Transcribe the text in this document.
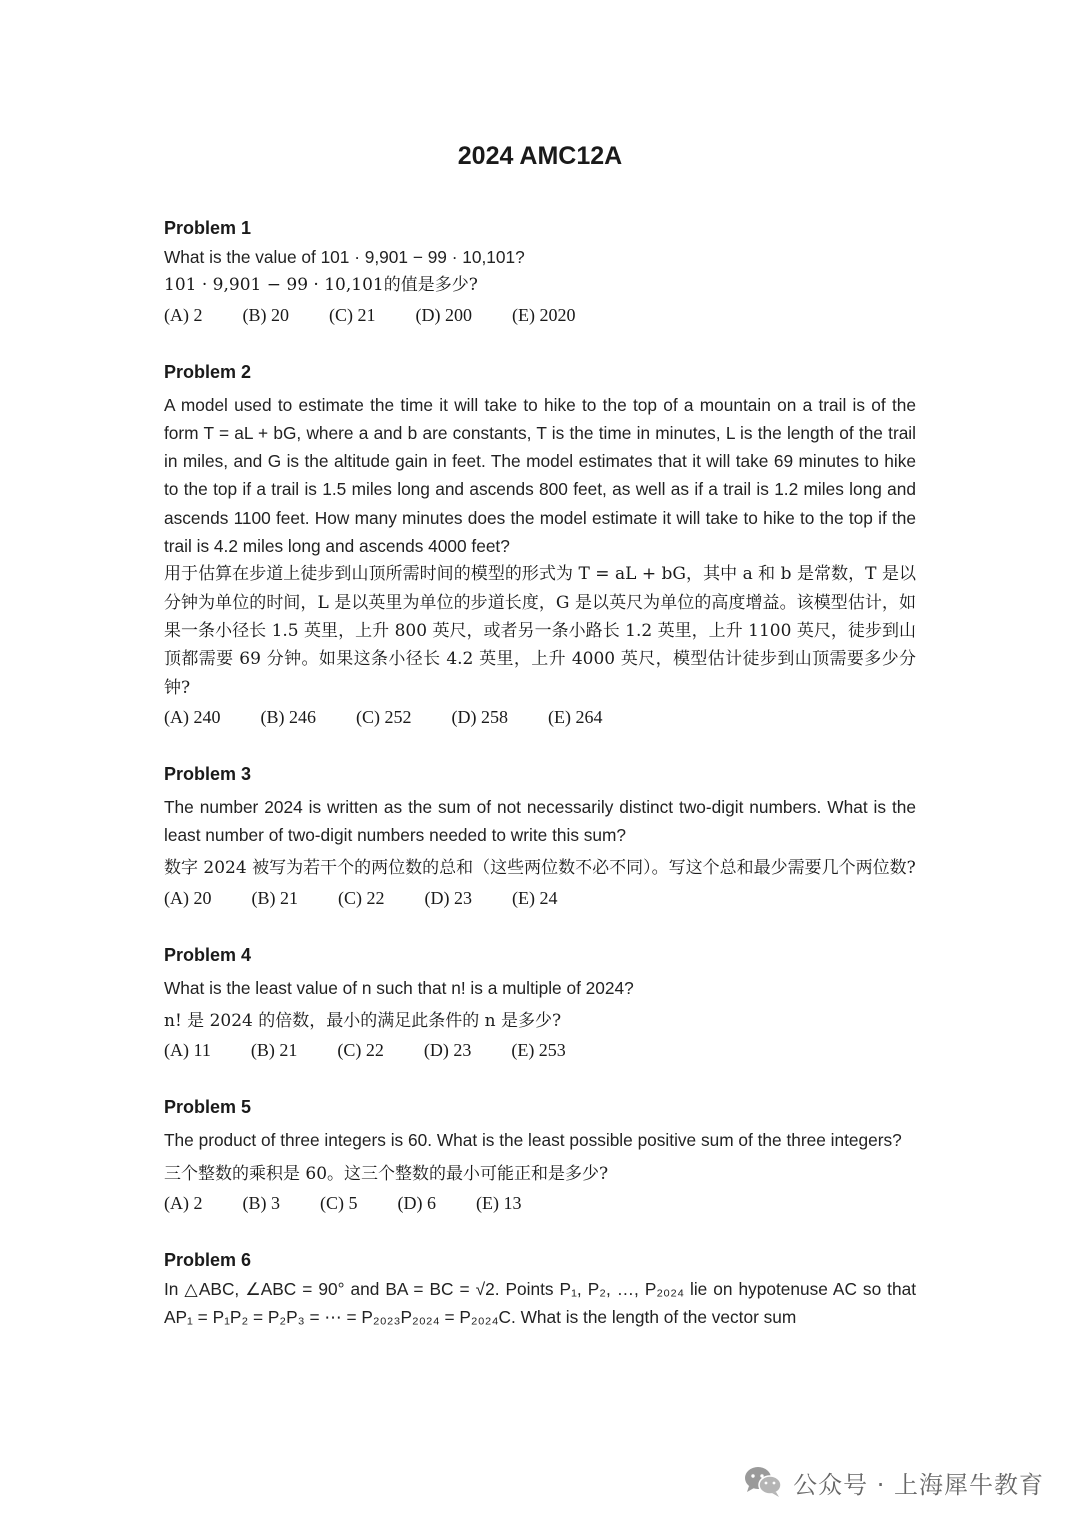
2024 AMC12A
Problem 1
What is the value of 101 · 9,901 − 99 · 10,101?
101 · 9,901 − 99 · 10,101的值是多少?
(A) 2 (B) 20 (C) 21 (D) 200 (E) 2020
Problem 2
A model used to estimate the time it will take to hike to the top of a mountain on a trail is of the form T = aL + bG, where a and b are constants, T is the time in minutes, L is the length of the trail in miles, and G is the altitude gain in feet. The model estimates that it will take 69 minutes to hike to the top if a trail is 1.5 miles long and ascends 800 feet, as well as if a trail is 1.2 miles long and ascends 1100 feet. How many minutes does the model estimate it will take to hike to the top if the trail is 4.2 miles long and ascends 4000 feet?
用于估算在步道上徒步到山顶所需时间的模型的形式为 T = aL + bG，其中 a 和 b 是常数，T 是以分钟为单位的时间，L 是以英里为单位的步道长度，G 是以英尺为单位的高度增益。该模型估计，如果一条小径长 1.5 英里，上升 800 英尺，或者另一条小路长 1.2 英里，上升 1100 英尺，徒步到山顶都需要 69 分钟。如果这条小径长 4.2 英里，上升 4000 英尺，模型估计徒步到山顶需要多少分钟?
(A) 240 (B) 246 (C) 252 (D) 258 (E) 264
Problem 3
The number 2024 is written as the sum of not necessarily distinct two-digit numbers. What is the least number of two-digit numbers needed to write this sum?
数字 2024 被写为若干个的两位数的总和（这些两位数不必不同）。写这个总和最少需要几个两位数?
(A) 20 (B) 21 (C) 22 (D) 23 (E) 24
Problem 4
What is the least value of n such that n! is a multiple of 2024?
n! 是 2024 的倍数，最小的满足此条件的 n 是多少?
(A) 11 (B) 21 (C) 22 (D) 23 (E) 253
Problem 5
The product of three integers is 60. What is the least possible positive sum of the three integers?
三个整数的乘积是 60。这三个整数的最小可能正和是多少?
(A) 2 (B) 3 (C) 5 (D) 6 (E) 13
Problem 6
In △ABC, ∠ABC = 90° and BA = BC = √2. Points P₁, P₂, …, P₂₀₂₄ lie on hypotenuse AC so that AP₁ = P₁P₂ = P₂P₃ = ⋯ = P₂₀₂₃P₂₀₂₄ = P₂₀₂₄C. What is the length of the vector sum
公众号 · 上海犀牛教育
